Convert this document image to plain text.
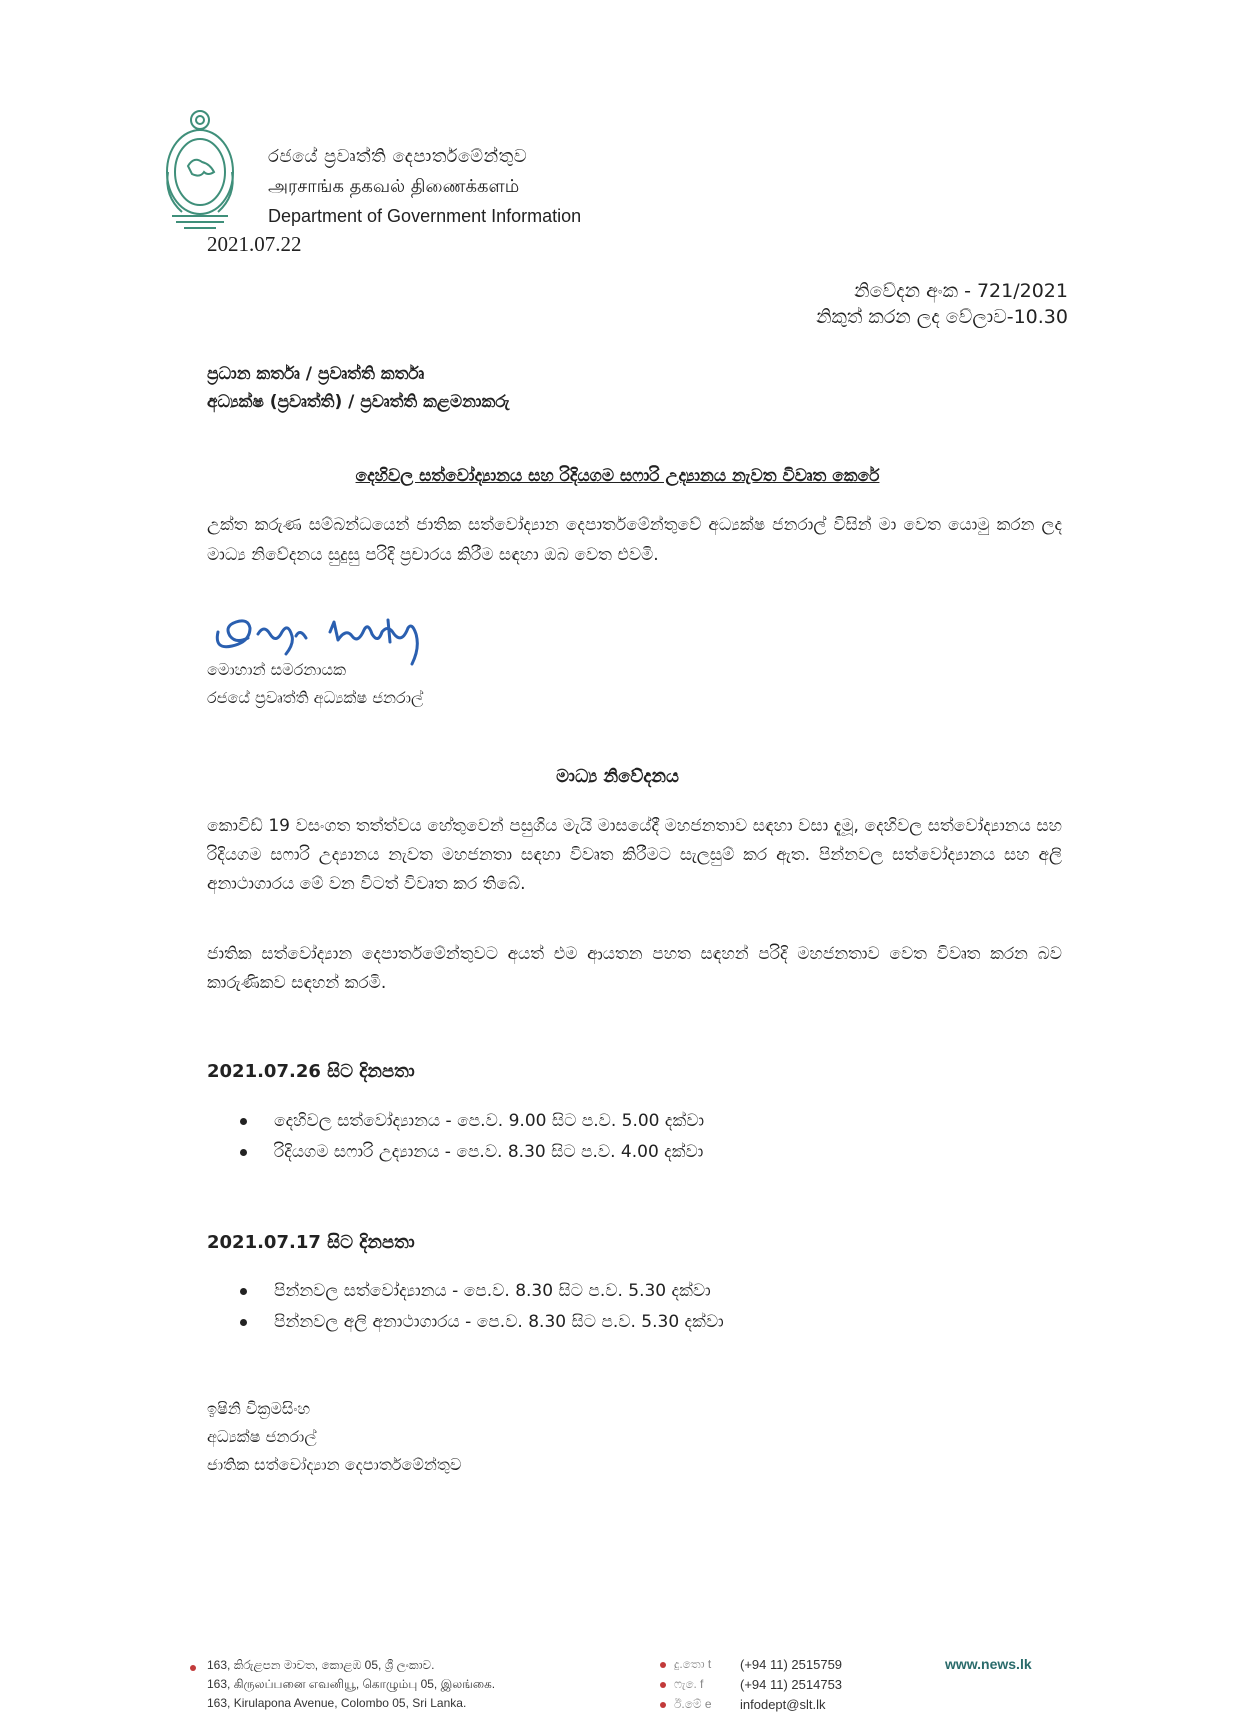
රජයේ ප්‍රවෘත්ති දෙපාර්තමේන්තුව
அரசாங்க தகவல் திணைக்களம்
Department of Government Information
2021.07.22
නිවේදන අංක - 721/2021
නිකුත් කරන ලද වේලාව-10.30
ප්‍රධාන කර්තෘ / ප්‍රවෘත්ති කර්තෘ
අධ්‍යක්ෂ (ප්‍රවෘත්ති) / ප්‍රවෘත්ති කළමනාකරු
දෙහිවල සත්වෝද්‍යානය සහ රිදියගම සෆාරි උද්‍යානය නැවත විවෘත කෙරේ
උක්ත කරුණ සම්බන්ධයෙන් ජාතික සත්වෝද්‍යාන දෙපාර්තමේන්තුවේ අධ්‍යක්ෂ ජනරාල් විසින් මා වෙත යොමු කරන ලද මාධ්‍ය නිවේදනය සුදුසු පරිදි ප්‍රචාරය කිරීම සඳහා ඔබ වෙත එවමි.
මොහාන් සමරනායක
රජයේ ප්‍රවෘත්ති අධ්‍යක්ෂ ජනරාල්
මාධ්‍ය නිවේදනය
කොවිඩ් 19 වසංගත තත්ත්වය හේතුවෙන් පසුගිය මැයි මාසයේදී මහජනතාව සඳහා වසා දැමූ, දෙහිවල සත්වෝද්‍යානය සහ රිදියගම සෆාරි උද්‍යානය නැවත මහජනතා සඳහා විවෘත කිරීමට සැලසුම් කර ඇත. පින්නවල සත්වෝද්‍යානය සහ අලි අනාථාගාරය මේ වන විටත් විවෘත කර තිබේ.
ජාතික සත්වෝද්‍යාන දෙපාර්තමේන්තුවට අයත් එම ආයතන පහත සඳහන් පරිදි මහජනතාව වෙත විවෘත කරන බව කාරුණිකව සඳහන් කරමි.
2021.07.26 සිට දිනපතා
දෙහිවල සත්වෝද්‍යානය - පෙ.ව. 9.00 සිට ප.ව. 5.00 දක්වා
රිදියගම සෆාරි උද්‍යානය - පෙ.ව. 8.30 සිට ප.ව. 4.00 දක්වා
2021.07.17 සිට දිනපතා
පින්නවල සත්වෝද්‍යානය - පෙ.ව. 8.30 සිට ප.ව. 5.30 දක්වා
පින්නවල අලි අනාථාගාරය - පෙ.ව. 8.30 සිට ප.ව. 5.30 දක්වා
ඉෂිනි වික්‍රමසිංහ
අධ්‍යක්ෂ ජනරාල්
ජාතික සත්වෝද්‍යාන දෙපාර්තමේන්තුව
163, කිරුළපන මාවත, කොළඹ 05, ශ්‍රී ලංකාව.
163, கிருலப்பனை எவனியூ, கொழும்பு 05, இலங்கை.
163, Kirulapona Avenue, Colombo 05, Sri Lanka.
දු.තො t	(+94 11) 2515759
ෆැ.ෙ f	(+94 11) 2514753
ඊ.මේ e	infodept@slt.lk
www.news.lk
